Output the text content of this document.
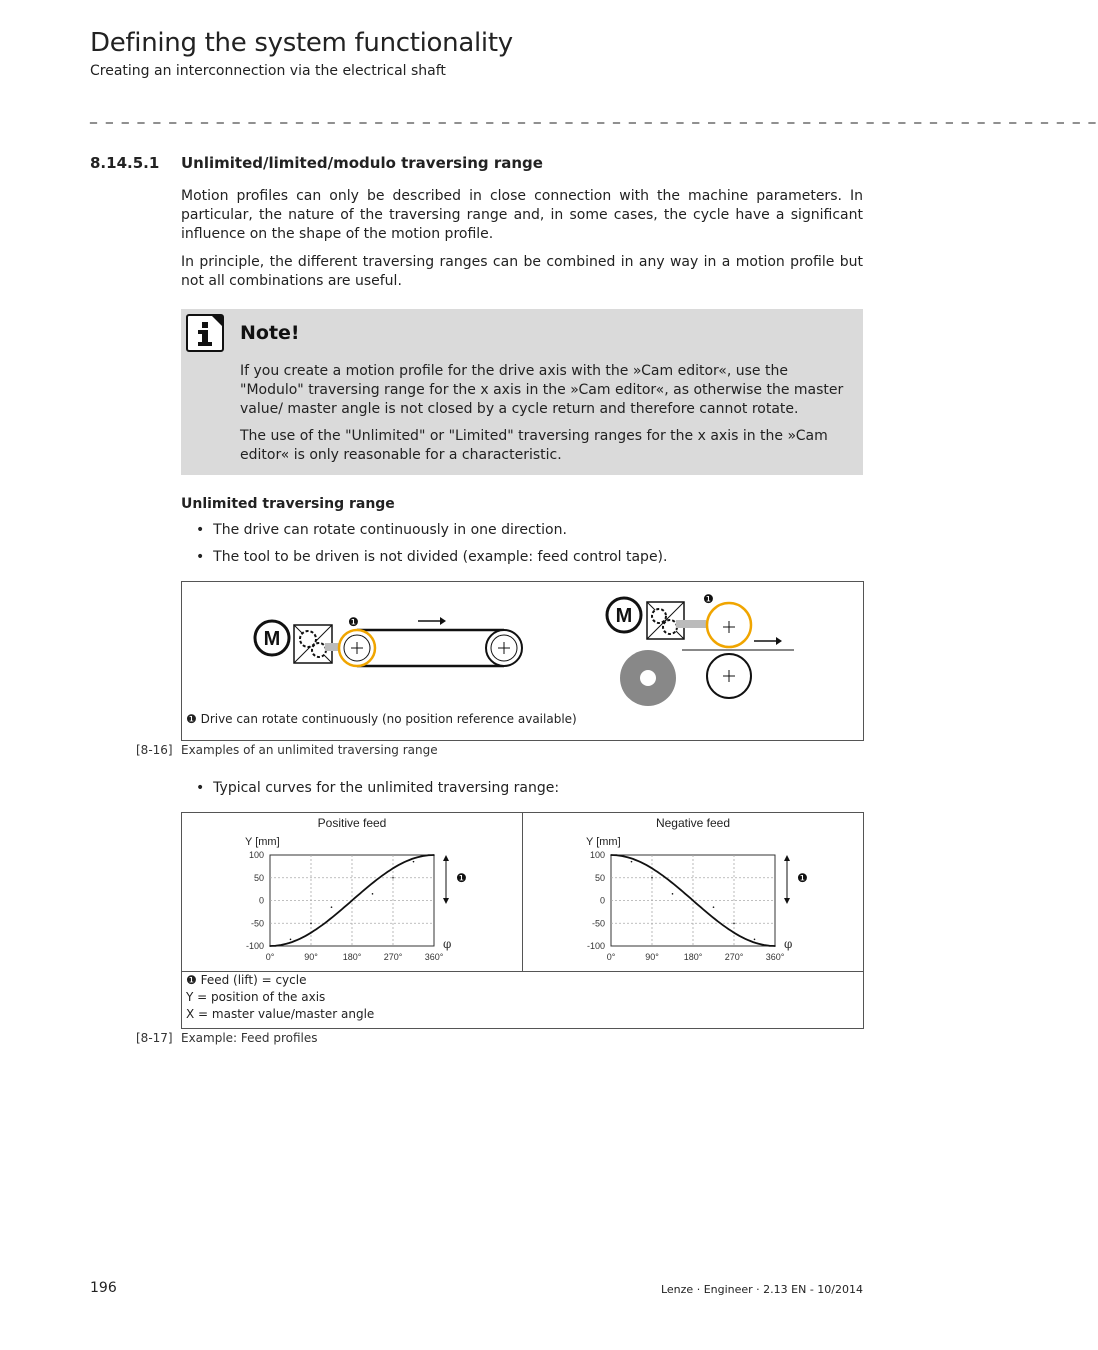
Defining the system functionality
Creating an interconnection via the electrical shaft
_ _ _ _ _ _ _ _ _ _ _ _ _ _ _ _ _ _ _ _ _ _ _ _ _ _ _ _ _ _ _ _ _ _ _ _ _ _ _ _ _ _ _ _ _ _ _ _ _ _ _ _ _ _ _ _ _ _ _ _ _ _ _ _
8.14.5.1 Unlimited/limited/modulo traversing range
Motion profiles can only be described in close connection with the machine parameters. In particular, the nature of the traversing range and, in some cases, the cycle have a significant influence on the shape of the motion profile.
In principle, the different traversing ranges can be combined in any way in a motion profile but not all combinations are useful.
Note!
If you create a motion profile for the drive axis with the »Cam editor«, use the "Modulo" traversing range for the x axis in the »Cam editor«, as otherwise the master value/ master angle is not closed by a cycle return and therefore cannot rotate.
The use of the "Unlimited" or "Limited" traversing ranges for the x axis in the »Cam editor« is only reasonable for a characteristic.
Unlimited traversing range
•  The drive can rotate continuously in one direction.
•  The tool to be driven is not divided (example: feed control tape).
M
❶	M
❶
❶ Drive can rotate continuously (no position reference available)
[8-16] Examples of an unlimited traversing range
•  Typical curves for the unlimited traversing range:
Positive feed
Y [mm]
0°	90°	180° 270° 360°
100
50
0
-50
-100
❶
φ
Negative feed
Y [mm]
0°	90°	180° 270° 360°
100
50
0
-50
-100
❶
φ
❶ Feed (lift) = cycle
Y = position of the axis
X = master value/master angle
[8-17] Example: Feed profiles
196	Lenze · Engineer · 2.13 EN - 10/2014
